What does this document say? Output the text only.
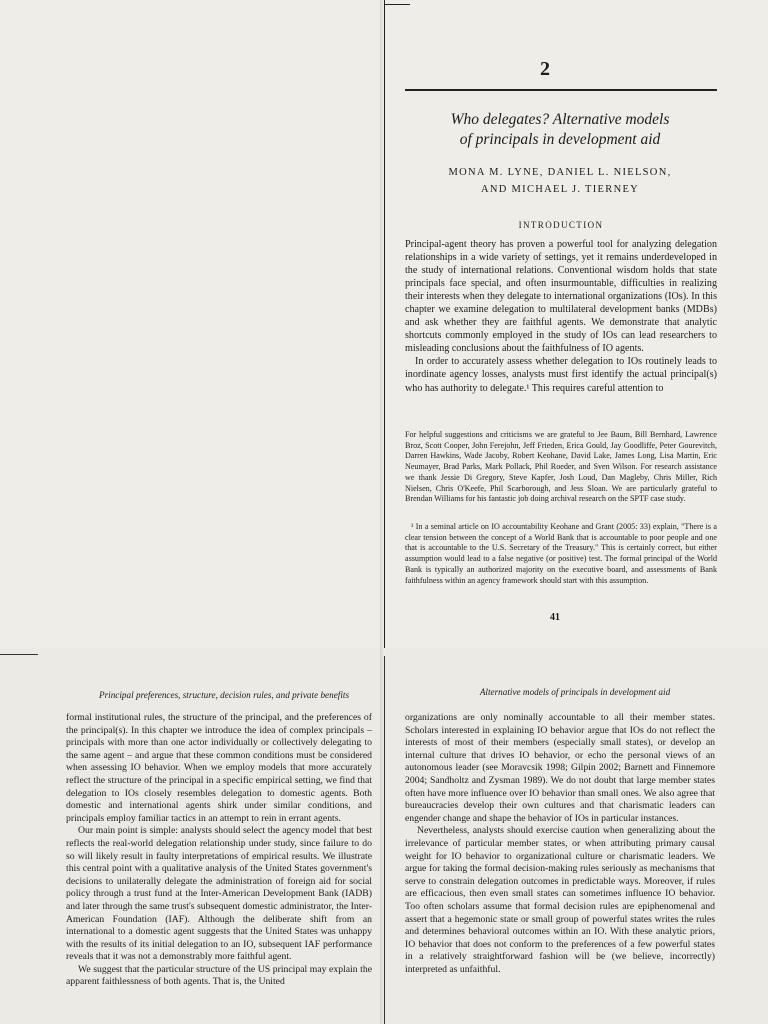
2
Who delegates? Alternative models
of principals in development aid
MONA M. LYNE, DANIEL L. NIELSON,
AND MICHAEL J. TIERNEY
INTRODUCTION

Principal-agent theory has proven a powerful tool for analyzing delegation relationships in a wide variety of settings, yet it remains underdeveloped in the study of international relations. Conventional wisdom holds that state principals face special, and often insurmountable, difficulties in realizing their interests when they delegate to international organizations (IOs). In this chapter we examine delegation to multilateral development banks (MDBs) and ask whether they are faithful agents. We demonstrate that analytic shortcuts commonly employed in the study of IOs can lead researchers to misleading conclusions about the faithfulness of IO agents.

In order to accurately assess whether delegation to IOs routinely leads to inordinate agency losses, analysts must first identify the actual principal(s) who has authority to delegate.¹ This requires careful attention to

For helpful suggestions and criticisms we are grateful to Jee Baum, Bill Bernhard, Lawrence Broz, Scott Cooper, John Ferejohn, Jeff Frieden, Erica Gould, Jay Goodliffe, Peter Gourevitch, Darren Hawkins, Wade Jacoby, Robert Keohane, David Lake, James Long, Lisa Martin, Eric Neumayer, Brad Parks, Mark Pollack, Phil Roeder, and Sven Wilson. For research assistance we thank Jessie Di Gregory, Steve Kapfer, Josh Loud, Dan Magleby, Chris Miller, Rich Nielsen, Chris O'Keefe, Phil Scarborough, and Jess Sloan. We are particularly grateful to Brendan Williams for his fantastic job doing archival research on the SPTF case study.

¹ In a seminal article on IO accountability Keohane and Grant (2005: 33) explain, "There is a clear tension between the concept of a World Bank that is accountable to poor people and one that is accountable to the U.S. Secretary of the Treasury." This is certainly correct, but either assumption would lead to a false negative (or positive) test. The formal principal of the World Bank is typically an authorized majority on the executive board, and assessments of Bank faithfulness within an agency framework should start with this assumption.

41
Principal preferences, structure, decision rules, and private benefits	Alternative models of principals in development aid

formal institutional rules, the structure of the principal, and the preferences of the principal(s). In this chapter we introduce the idea of complex principals – principals with more than one actor individually or collectively delegating to the same agent – and argue that these common conditions must be considered when assessing IO behavior. When we employ models that more accurately reflect the structure of the principal in a specific empirical setting, we find that delegation to IOs closely resembles delegation to domestic agents. Both domestic and international agents shirk under similar conditions, and principals employ familiar tactics in an attempt to rein in errant agents.

Our main point is simple: analysts should select the agency model that best reflects the real-world delegation relationship under study, since failure to do so will likely result in faulty interpretations of empirical results. We illustrate this central point with a qualitative analysis of the United States government's decisions to unilaterally delegate the administration of foreign aid for social policy through a trust fund at the Inter-American Development Bank (IADB) and later through the same trust's subsequent domestic administrator, the Inter-American Foundation (IAF). Although the deliberate shift from an international to a domestic agent suggests that the United States was unhappy with the results of its initial delegation to an IO, subsequent IAF performance reveals that it was not a demonstrably more faithful agent.

We suggest that the particular structure of the US principal may explain the apparent faithlessness of both agents. That is, the United

organizations are only nominally accountable to all their member states. Scholars interested in explaining IO behavior argue that IOs do not reflect the interests of most of their members (especially small states), or develop an internal culture that drives IO behavior, or echo the personal views of an autonomous leader (see Moravcsik 1998; Gilpin 2002; Barnett and Finnemore 2004; Sandholtz and Zysman 1989). We do not doubt that large member states often have more influence over IO behavior than small ones. We also agree that bureaucracies develop their own cultures and that charismatic leaders can engender change and shape the behavior of IOs in particular instances.

Nevertheless, analysts should exercise caution when generalizing about the irrelevance of particular member states, or when attributing primary causal weight for IO behavior to organizational culture or charismatic leaders. We argue for taking the formal decision-making rules seriously as mechanisms that serve to constrain delegation outcomes in predictable ways. Moreover, if rules are efficacious, then even small states can sometimes influence IO behavior. Too often scholars assume that formal decision rules are epiphenomenal and assert that a hegemonic state or small group of powerful states writes the rules and determines behavioral outcomes within an IO. With these analytic priors, IO behavior that does not conform to the preferences of a few powerful states in a relatively straightforward fashion will be (we believe, incorrectly) interpreted as unfaithful.
